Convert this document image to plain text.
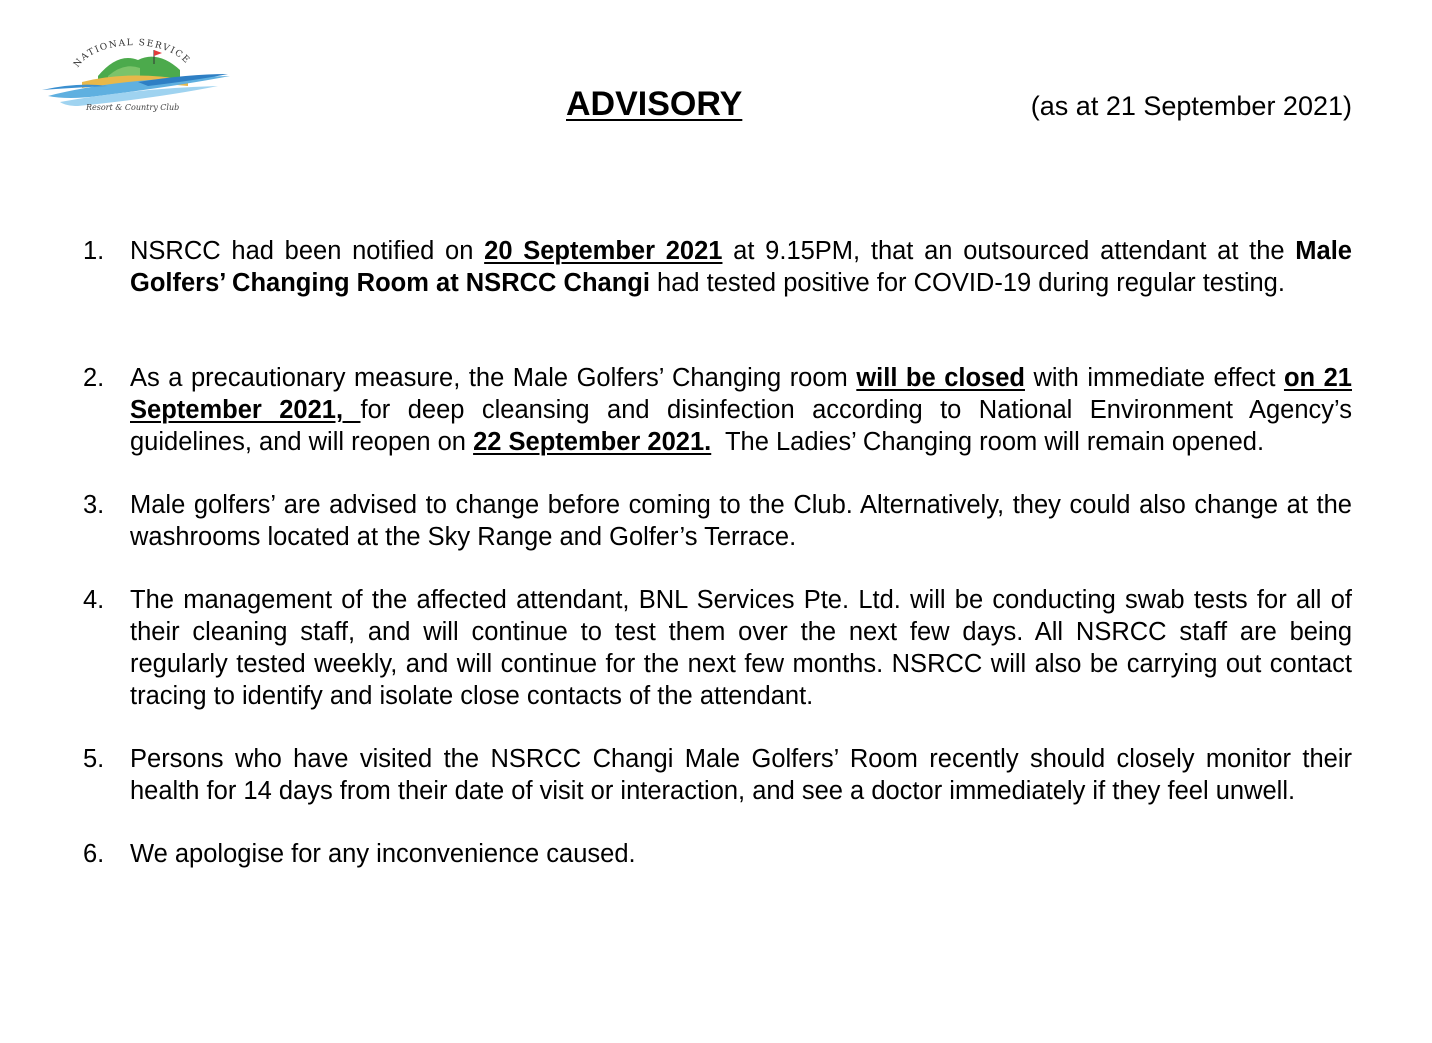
NATIONAL SERVICE
Resort & Country Club	ADVISORY	(as at 21 September 2021)
1. NSRCC had been notified on 20 September 2021 at 9.15PM, that an outsourced attendant at the Male Golfers’ Changing Room at NSRCC Changi had tested positive for COVID-19 during regular testing.
2. As a precautionary measure, the Male Golfers’ Changing room will be closed with immediate effect on 21 September 2021, for deep cleansing and disinfection according to National Environment Agency’s guidelines, and will reopen on 22 September 2021.  The Ladies’ Changing room will remain opened.
3. Male golfers’ are advised to change before coming to the Club. Alternatively, they could also change at the washrooms located at the Sky Range and Golfer’s Terrace.
4. The management of the affected attendant, BNL Services Pte. Ltd. will be conducting swab tests for all of their cleaning staff, and will continue to test them over the next few days. All NSRCC staff are being regularly tested weekly, and will continue for the next few months. NSRCC will also be carrying out contact tracing to identify and isolate close contacts of the attendant.
5. Persons who have visited the NSRCC Changi Male Golfers’ Room recently should closely monitor their health for 14 days from their date of visit or interaction, and see a doctor immediately if they feel unwell.
6. We apologise for any inconvenience caused.
